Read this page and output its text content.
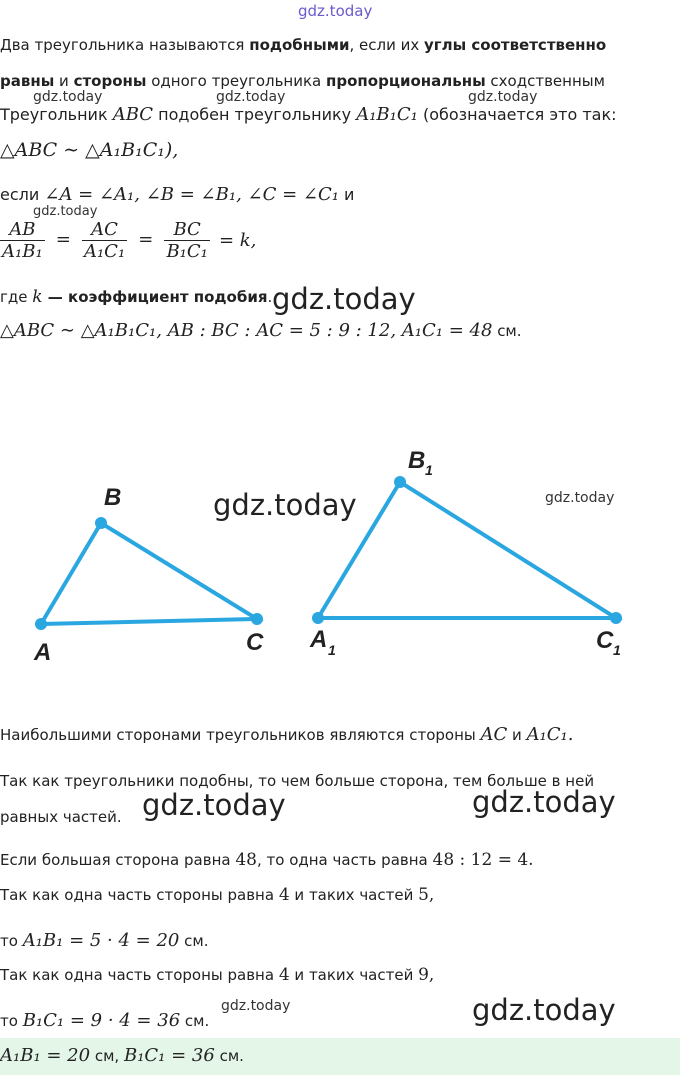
gdz.today
gdz.today	gdz.today	gdz.today
gdz.today
gdz.today
gdz.today	gdz.today
gdz.today	gdz.today
gdz.today	gdz.today
Два треугольника называются подобными, если их углы соответственно
равны и стороны одного треугольника пропорциональны сходственным
Треугольник ABC подобен треугольнику A₁B₁C₁ (обозначается это так:
△ABC ∼ △A₁B₁C₁),
если ∠A = ∠A₁, ∠B = ∠B₁, ∠C = ∠C₁ и
$\frac{AB}{\text{A₁B₁}} = \frac{AC}{\text{A₁C₁}} = \frac{BC}{\text{B₁C₁}} = k$,
где k — коэффициент подобия.
△ABC ∼ △A₁B₁C₁, AB : BC : AC = 5 : 9 : 12, A₁C₁ = 48 см.
A
B
C A 1
B 1
C 1
Наибольшими сторонами треугольников являются стороны AC и A₁C₁.
Так как треугольники подобны, то чем больше сторона, тем больше в ней
равных частей.
Если большая сторона равна 48, то одна часть равна 48 : 12 = 4.
Так как одна часть стороны равна 4 и таких частей 5,
то A₁B₁ = 5 · 4 = 20 см.
Так как одна часть стороны равна 4 и таких частей 9,
то B₁C₁ = 9 · 4 = 36 см.
A₁B₁ = 20 см, B₁C₁ = 36 см.
